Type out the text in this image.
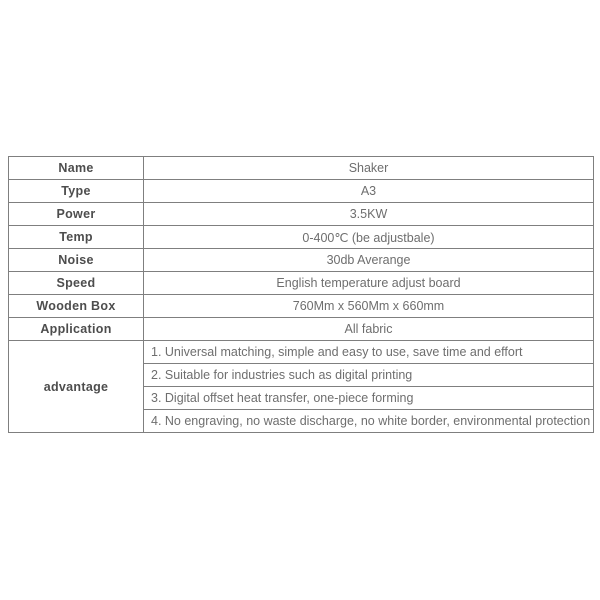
Name	Shaker
Type	A3
Power	3.5KW
Temp	0-400℃ (be adjustbale)
Noise	30db Averange
Speed	English temperature adjust board
Wooden Box	760Mm x 560Mm x 660mm
Application	All fabric
advantage	1. Universal matching, simple and easy to use, save time and effort
	2. Suitable for industries such as digital printing
	3. Digital offset heat transfer, one-piece forming
	4. No engraving, no waste discharge, no white border, environmental protection
